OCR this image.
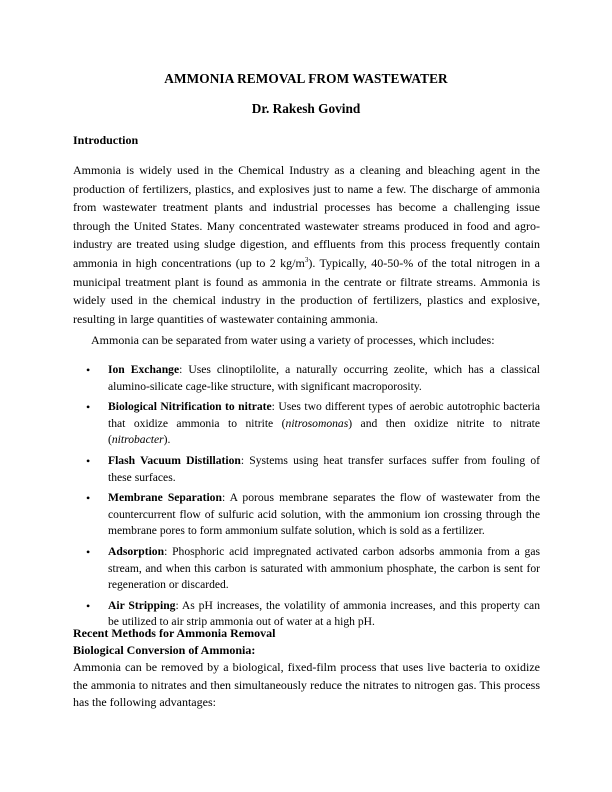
AMMONIA REMOVAL FROM WASTEWATER
Dr. Rakesh Govind
Introduction
Ammonia is widely used in the Chemical Industry as a cleaning and bleaching agent in the production of fertilizers, plastics, and explosives just to name a few. The discharge of ammonia from wastewater treatment plants and industrial processes has become a challenging issue through the United States. Many concentrated wastewater streams produced in food and agro-industry are treated using sludge digestion, and effluents from this process frequently contain ammonia in high concentrations (up to 2 $kg/m^3$). Typically, 40-50-% of the total nitrogen in a municipal treatment plant is found as ammonia in the centrate or filtrate streams. Ammonia is widely used in the chemical industry in the production of fertilizers, plastics and explosive, resulting in large quantities of wastewater containing ammonia.
Ammonia can be separated from water using a variety of processes, which includes:
• Ion Exchange: Uses clinoptilolite, a naturally occurring zeolite, which has a classical alumino-silicate cage-like structure, with significant macroporosity.
• Biological Nitrification to nitrate: Uses two different types of aerobic autotrophic bacteria that oxidize ammonia to nitrite (nitrosomonas) and then oxidize nitrite to nitrate (nitrobacter).
• Flash Vacuum Distillation: Systems using heat transfer surfaces suffer from fouling of these surfaces.
• Membrane Separation: A porous membrane separates the flow of wastewater from the countercurrent flow of sulfuric acid solution, with the ammonium ion crossing through the membrane pores to form ammonium sulfate solution, which is sold as a fertilizer.
• Adsorption: Phosphoric acid impregnated activated carbon adsorbs ammonia from a gas stream, and when this carbon is saturated with ammonium phosphate, the carbon is sent for regeneration or discarded.
• Air Stripping: As pH increases, the volatility of ammonia increases, and this property can be utilized to air strip ammonia out of water at a high pH.
Recent Methods for Ammonia Removal
Biological Conversion of Ammonia:
Ammonia can be removed by a biological, fixed-film process that uses live bacteria to oxidize the ammonia to nitrates and then simultaneously reduce the nitrates to nitrogen gas. This process has the following advantages:
